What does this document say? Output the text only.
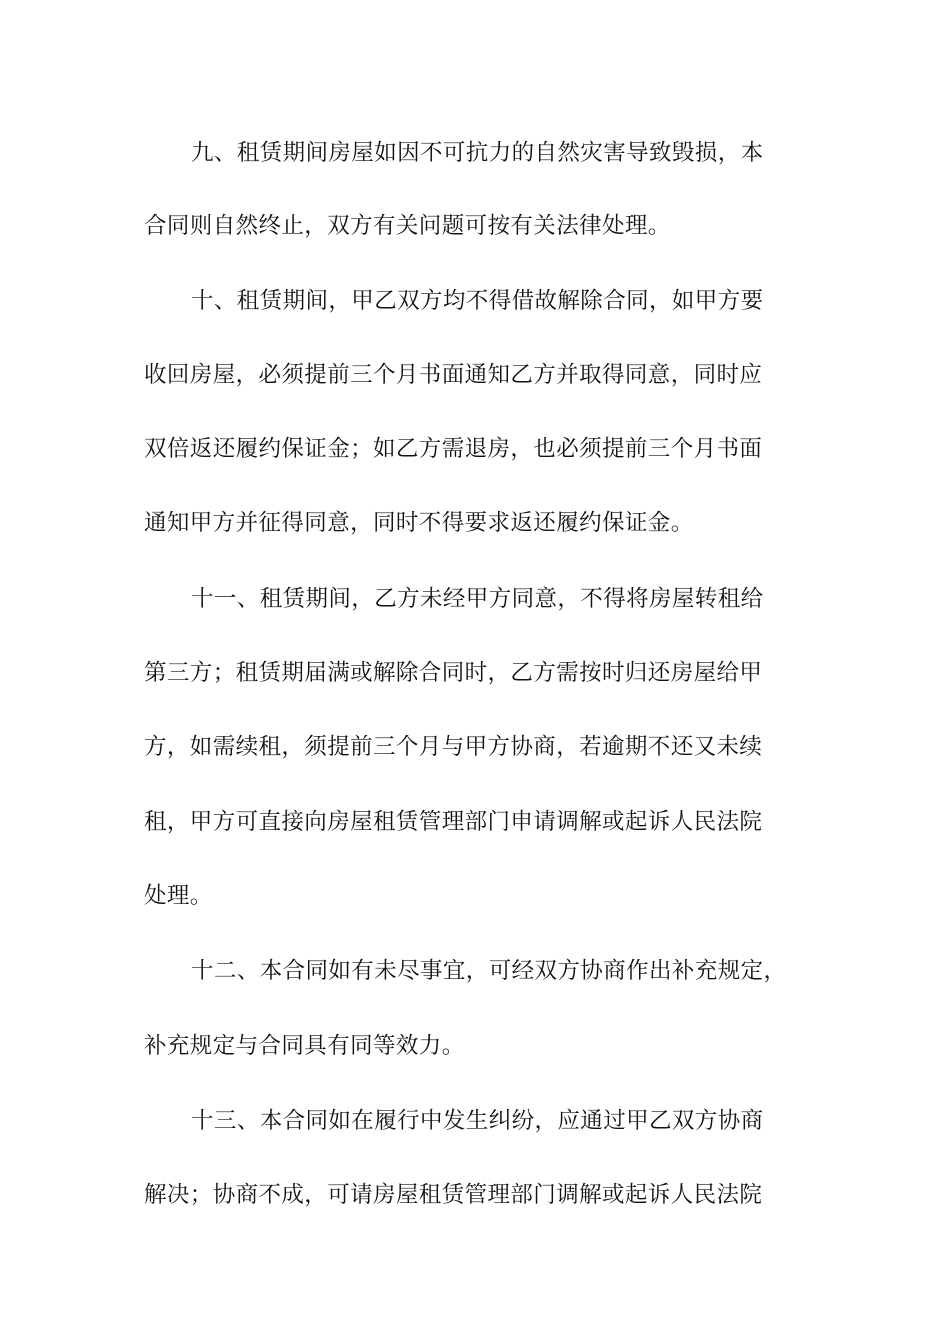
九、租赁期间房屋如因不可抗力的自然灾害导致毁损，本
合同则自然终止，双方有关问题可按有关法律处理。
十、租赁期间，甲乙双方均不得借故解除合同，如甲方要
收回房屋，必须提前三个月书面通知乙方并取得同意，同时应
双倍返还履约保证金；如乙方需退房，也必须提前三个月书面
通知甲方并征得同意，同时不得要求返还履约保证金。
十一、租赁期间，乙方未经甲方同意，不得将房屋转租给
第三方；租赁期届满或解除合同时，乙方需按时归还房屋给甲
方，如需续租，须提前三个月与甲方协商，若逾期不还又未续
租，甲方可直接向房屋租赁管理部门申请调解或起诉人民法院
处理。
十二、本合同如有未尽事宜，可经双方协商作出补充规定，
补充规定与合同具有同等效力。
十三、本合同如在履行中发生纠纷，应通过甲乙双方协商
解决；协商不成，可请房屋租赁管理部门调解或起诉人民法院
